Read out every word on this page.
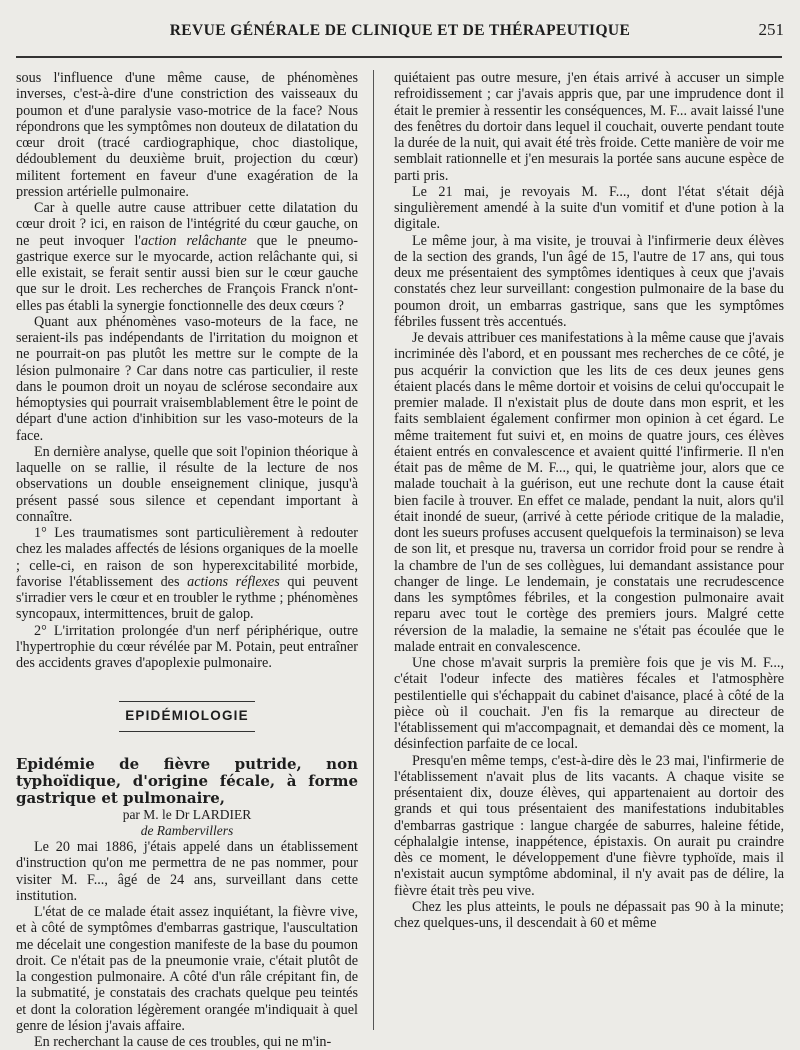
REVUE GÉNÉRALE DE CLINIQUE ET DE THÉRAPEUTIQUE	251

sous l'influence d'une même cause, de phénomènes inverses, c'est-à-dire d'une constriction des vaisseaux du poumon et d'une paralysie vaso-motrice de la face? Nous répondrons que les symptômes non douteux de dilatation du cœur droit (tracé cardiographique, choc diastolique, dédoublement du deuxième bruit, projection du cœur) militent fortement en faveur d'une exagération de la pression artérielle pulmonaire.

Car à quelle autre cause attribuer cette dilatation du cœur droit ? ici, en raison de l'intégrité du cœur gauche, on ne peut invoquer l'action relâchante que le pneumo-gastrique exerce sur le myocarde, action relâchante qui, si elle existait, se ferait sentir aussi bien sur le cœur gauche que sur le droit. Les recherches de François Franck n'ont-elles pas établi la synergie fonctionnelle des deux cœurs ?

Quant aux phénomènes vaso-moteurs de la face, ne seraient-ils pas indépendants de l'irritation du moignon et ne pourrait-on pas plutôt les mettre sur le compte de la lésion pulmonaire ? Car dans notre cas particulier, il reste dans le poumon droit un noyau de sclérose secondaire aux hémoptysies qui pourrait vraisemblablement être le point de départ d'une action d'inhibition sur les vaso-moteurs de la face.

En dernière analyse, quelle que soit l'opinion théorique à laquelle on se rallie, il résulte de la lecture de nos observations un double enseignement clinique, jusqu'à présent passé sous silence et cependant important à connaître.

1° Les traumatismes sont particulièrement à redouter chez les malades affectés de lésions organiques de la moelle ; celle-ci, en raison de son hyperexcitabilité morbide, favorise l'établissement des actions réflexes qui peuvent s'irradier vers le cœur et en troubler le rythme ; phénomènes syncopaux, intermittences, bruit de galop.

2° L'irritation prolongée d'un nerf périphérique, outre l'hypertrophie du cœur révélée par M. Potain, peut entraîner des accidents graves d'apoplexie pulmonaire.

EPIDÉMIOLOGIE

Epidémie de fièvre putride, non typhoïdique, d'origine fécale, à forme gastrique et pulmonaire,

par M. le Dr LARDIER

de Rambervillers

Le 20 mai 1886, j'étais appelé dans un établissement d'instruction qu'on me permettra de ne pas nommer, pour visiter M. F..., âgé de 24 ans, surveillant dans cette institution.

L'état de ce malade était assez inquiétant, la fièvre vive, et à côté de symptômes d'embarras gastrique, l'auscultation me décelait une congestion manifeste de la base du poumon droit. Ce n'était pas de la pneumonie vraie, c'était plutôt de la congestion pulmonaire. A côté d'un râle crépitant fin, de la submatité, je constatais des crachats quelque peu teintés et dont la coloration légèrement orangée m'indiquait à quel genre de lésion j'avais affaire.

En recherchant la cause de ces troubles, qui ne m'in-

quiétaient pas outre mesure, j'en étais arrivé à accuser un simple refroidissement ; car j'avais appris que, par une imprudence dont il était le premier à ressentir les conséquences, M. F... avait laissé l'une des fenêtres du dortoir dans lequel il couchait, ouverte pendant toute la durée de la nuit, qui avait été très froide. Cette manière de voir me semblait rationnelle et j'en mesurais la portée sans aucune espèce de parti pris.

Le 21 mai, je revoyais M. F..., dont l'état s'était déjà singulièrement amendé à la suite d'un vomitif et d'une potion à la digitale.

Le même jour, à ma visite, je trouvai à l'infirmerie deux élèves de la section des grands, l'un âgé de 15, l'autre de 17 ans, qui tous deux me présentaient des symptômes identiques à ceux que j'avais constatés chez leur surveillant: congestion pulmonaire de la base du poumon droit, un embarras gastrique, sans que les symptômes fébriles fussent très accentués.

Je devais attribuer ces manifestations à la même cause que j'avais incriminée dès l'abord, et en poussant mes recherches de ce côté, je pus acquérir la conviction que les lits de ces deux jeunes gens étaient placés dans le même dortoir et voisins de celui qu'occupait le premier malade. Il n'existait plus de doute dans mon esprit, et les faits semblaient également confirmer mon opinion à cet égard. Le même traitement fut suivi et, en moins de quatre jours, ces élèves étaient entrés en convalescence et avaient quitté l'infirmerie. Il n'en était pas de même de M. F..., qui, le quatrième jour, alors que ce malade touchait à la guérison, eut une rechute dont la cause était bien facile à trouver. En effet ce malade, pendant la nuit, alors qu'il était inondé de sueur, (arrivé à cette période critique de la maladie, dont les sueurs profuses accusent quelquefois la terminaison) se leva de son lit, et presque nu, traversa un corridor froid pour se rendre à la chambre de l'un de ses collègues, lui demandant assistance pour changer de linge. Le lendemain, je constatais une recrudescence dans les symptômes fébriles, et la congestion pulmonaire avait reparu avec tout le cortège des premiers jours. Malgré cette réversion de la maladie, la semaine ne s'était pas écoulée que le malade entrait en convalescence.

Une chose m'avait surpris la première fois que je vis M. F..., c'était l'odeur infecte des matières fécales et l'atmosphère pestilentielle qui s'échappait du cabinet d'aisance, placé à côté de la pièce où il couchait. J'en fis la remarque au directeur de l'établissement qui m'accompagnait, et demandai dès ce moment, la désinfection parfaite de ce local.

Presqu'en même temps, c'est-à-dire dès le 23 mai, l'infirmerie de l'établissement n'avait plus de lits vacants. A chaque visite se présentaient dix, douze élèves, qui appartenaient au dortoir des grands et qui tous présentaient des manifestations indubitables d'embarras gastrique : langue chargée de saburres, haleine fétide, céphalalgie intense, inappétence, épistaxis. On aurait pu craindre dès ce moment, le développement d'une fièvre typhoïde, mais il n'existait aucun symptôme abdominal, il n'y avait pas de délire, la fièvre était très peu vive.

Chez les plus atteints, le pouls ne dépassait pas 90 à la minute; chez quelques-uns, il descendait à 60 et même
